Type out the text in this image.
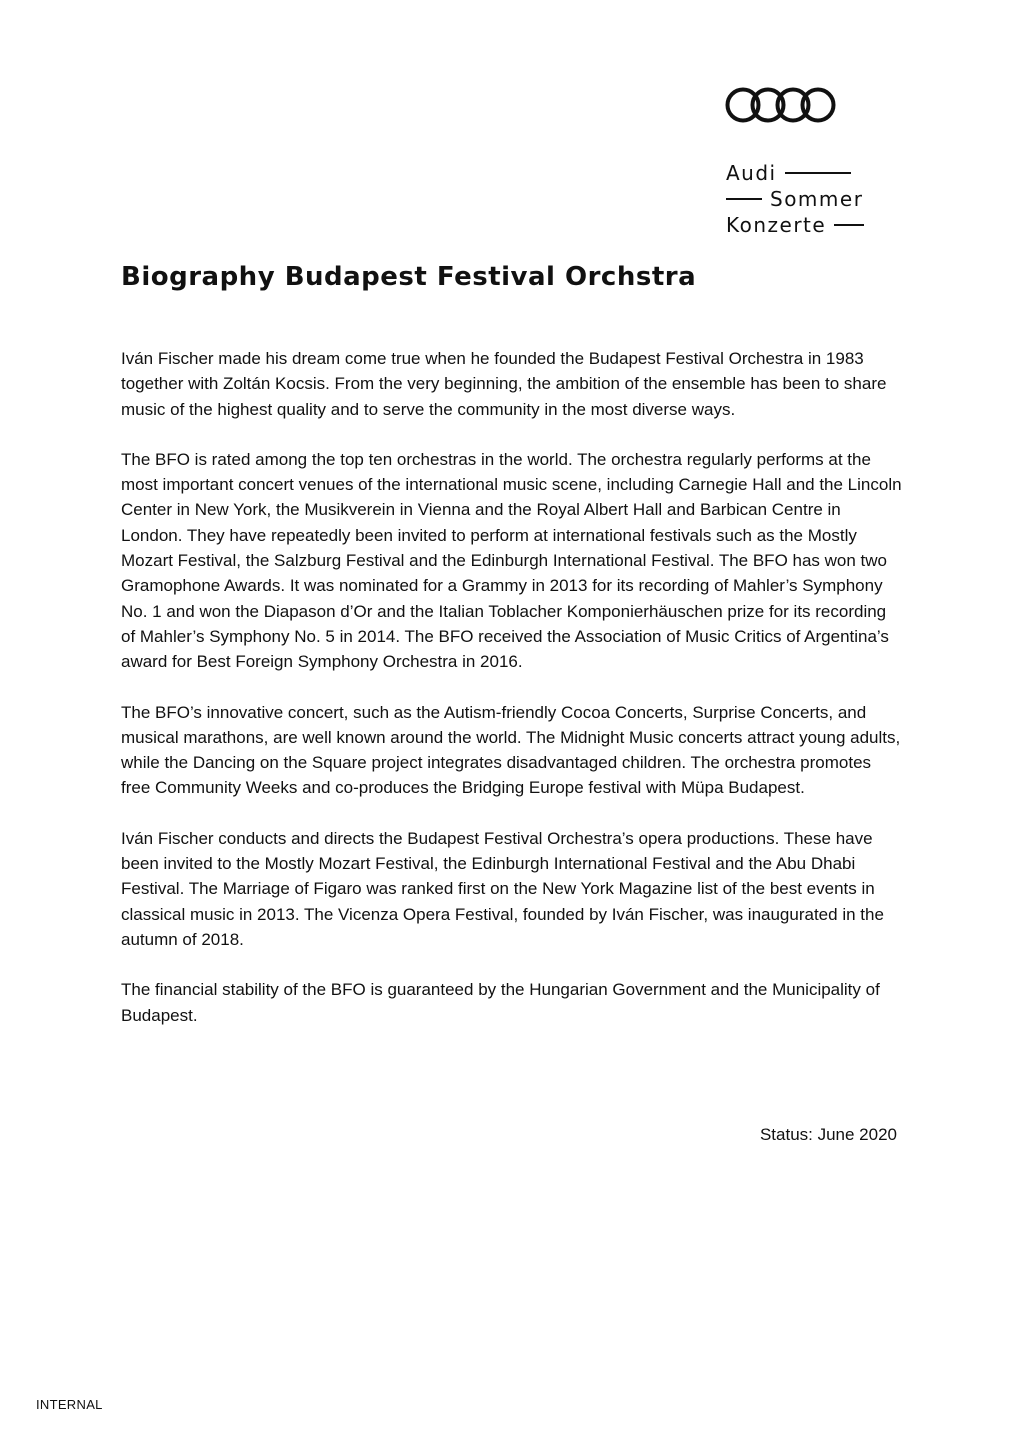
Audi
Sommer
Konzerte
Biography Budapest Festival Orchstra

Iván Fischer made his dream come true when he founded the Budapest Festival Orchestra in 1983 together with Zoltán Kocsis. From the very beginning, the ambition of the ensemble has been to share music of the highest quality and to serve the community in the most diverse ways.

The BFO is rated among the top ten orchestras in the world. The orchestra regularly performs at the most important concert venues of the international music scene, including Carnegie Hall and the Lincoln Center in New York, the Musikverein in Vienna and the Royal Albert Hall and Barbican Centre in London. They have repeatedly been invited to perform at international festivals such as the Mostly Mozart Festival, the Salzburg Festival and the Edinburgh International Festival. The BFO has won two Gramophone Awards. It was nominated for a Grammy in 2013 for its recording of Mahler’s Symphony No. 1 and won the Diapason d’Or and the Italian Toblacher Komponierhäuschen prize for its recording of Mahler’s Symphony No. 5 in 2014. The BFO received the Association of Music Critics of Argentina’s award for Best Foreign Symphony Orchestra in 2016.

The BFO’s innovative concert, such as the Autism-friendly Cocoa Concerts, Surprise Concerts, and musical marathons, are well known around the world. The Midnight Music concerts attract young adults, while the Dancing on the Square project integrates disadvantaged children. The orchestra promotes free Community Weeks and co-produces the Bridging Europe festival with Müpa Budapest.

Iván Fischer conducts and directs the Budapest Festival Orchestra’s opera productions. These have been invited to the Mostly Mozart Festival, the Edinburgh International Festival and the Abu Dhabi Festival. The Marriage of Figaro was ranked first on the New York Magazine list of the best events in classical music in 2013. The Vicenza Opera Festival, founded by Iván Fischer, was inaugurated in the autumn of 2018.

The financial stability of the BFO is guaranteed by the Hungarian Government and the Municipality of Budapest.

Status: June 2020
INTERNAL
